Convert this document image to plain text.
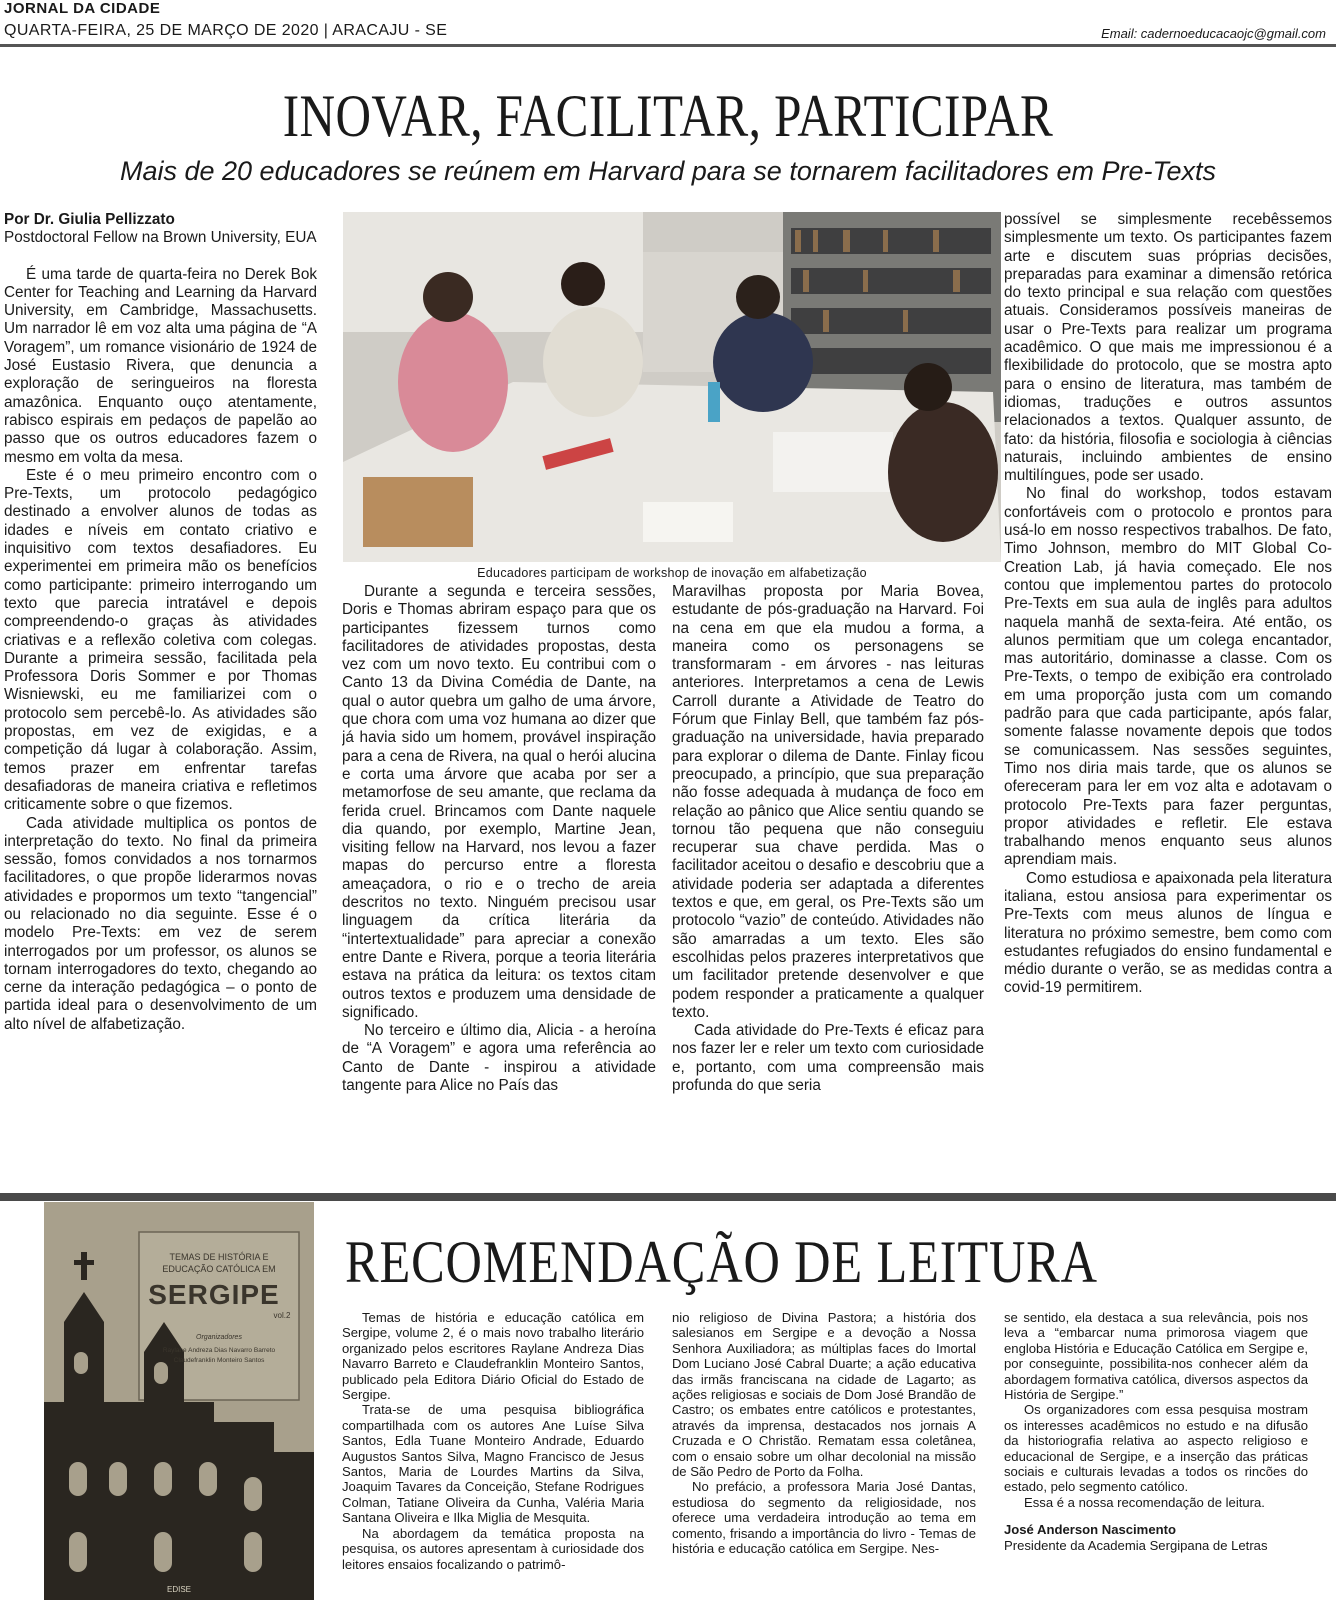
JORNAL DA CIDADE
QUARTA-FEIRA, 25 DE MARÇO DE 2020 | ARACAJU - SE	Email: cadernoeducacaojc@gmail.com
INOVAR, FACILITAR, PARTICIPAR
Mais de 20 educadores se reúnem em Harvard para se tornarem facilitadores em Pre-Texts

Por Dr. Giulia Pellizzato

Postdoctoral Fellow na Brown University, EUA

É uma tarde de quarta-feira no Derek Bok Center for Teaching and Learning da Harvard University, em Cambridge, Massachusetts. Um narrador lê em voz alta uma página de “A Voragem”, um romance visionário de 1924 de José Eustasio Rivera, que denuncia a exploração de seringueiros na floresta amazônica. Enquanto ouço atentamente, rabisco espirais em pedaços de papelão ao passo que os outros educadores fazem o mesmo em volta da mesa.

Este é o meu primeiro encontro com o Pre-Texts, um protocolo pedagógico destinado a envolver alunos de todas as idades e níveis em contato criativo e inquisitivo com textos desafiadores. Eu experimentei em primeira mão os benefícios como participante: primeiro interrogando um texto que parecia intratável e depois compreendendo-o graças às atividades criativas e a reflexão coletiva com colegas. Durante a primeira sessão, facilitada pela Professora Doris Sommer e por Thomas Wisniewski, eu me familiarizei com o protocolo sem percebê-lo. As atividades são propostas, em vez de exigidas, e a competição dá lugar à colaboração. Assim, temos prazer em enfrentar tarefas desafiadoras de maneira criativa e refletimos criticamente sobre o que fizemos.

Cada atividade multiplica os pontos de interpretação do texto. No final da primeira sessão, fomos convidados a nos tornarmos facilitadores, o que propõe liderarmos novas atividades e propormos um texto “tangencial” ou relacionado no dia seguinte. Esse é o modelo Pre-Texts: em vez de serem interrogados por um professor, os alunos se tornam interrogadores do texto, chegando ao cerne da interação pedagógica – o ponto de partida ideal para o desenvolvimento de um alto nível de alfabetização.

Educadores participam de workshop de inovação em alfabetização

Durante a segunda e terceira sessões, Doris e Thomas abriram espaço para que os participantes fizessem turnos como facilitadores de atividades propostas, desta vez com um novo texto. Eu contribui com o Canto 13 da Divina Comédia de Dante, na qual o autor quebra um galho de uma árvore, que chora com uma voz humana ao dizer que já havia sido um homem, provável inspiração para a cena de Rivera, na qual o herói alucina e corta uma árvore que acaba por ser a metamorfose de seu amante, que reclama da ferida cruel. Brincamos com Dante naquele dia quando, por exemplo, Martine Jean, visiting fellow na Harvard, nos levou a fazer mapas do percurso entre a floresta ameaçadora, o rio e o trecho de areia descritos no texto. Ninguém precisou usar linguagem da crítica literária da “intertextualidade” para apreciar a conexão entre Dante e Rivera, porque a teoria literária estava na prática da leitura: os textos citam outros textos e produzem uma densidade de significado.

No terceiro e último dia, Alicia - a heroína de “A Voragem” e agora uma referência ao Canto de Dante - inspirou a atividade tangente para Alice no País das

Maravilhas proposta por Maria Bovea, estudante de pós-graduação na Harvard. Foi na cena em que ela mudou a forma, a maneira como os personagens se transformaram - em árvores - nas leituras anteriores. Interpretamos a cena de Lewis Carroll durante a Atividade de Teatro do Fórum que Finlay Bell, que também faz pós-graduação na universidade, havia preparado para explorar o dilema de Dante. Finlay ficou preocupado, a princípio, que sua preparação não fosse adequada à mudança de foco em relação ao pânico que Alice sentiu quando se tornou tão pequena que não conseguiu recuperar sua chave perdida. Mas o facilitador aceitou o desafio e descobriu que a atividade poderia ser adaptada a diferentes textos e que, em geral, os Pre-Texts são um protocolo “vazio” de conteúdo. Atividades não são amarradas a um texto. Eles são escolhidas pelos prazeres interpretativos que um facilitador pretende desenvolver e que podem responder a praticamente a qualquer texto.

Cada atividade do Pre-Texts é eficaz para nos fazer ler e reler um texto com curiosidade e, portanto, com uma compreensão mais profunda do que seria

possível se simplesmente recebêssemos simplesmente um texto. Os participantes fazem arte e discutem suas próprias decisões, preparadas para examinar a dimensão retórica do texto principal e sua relação com questões atuais. Consideramos possíveis maneiras de usar o Pre-Texts para realizar um programa acadêmico. O que mais me impressionou é a flexibilidade do protocolo, que se mostra apto para o ensino de literatura, mas também de idiomas, traduções e outros assuntos relacionados a textos. Qualquer assunto, de fato: da história, filosofia e sociologia à ciências naturais, incluindo ambientes de ensino multilíngues, pode ser usado.

No final do workshop, todos estavam confortáveis com o protocolo e prontos para usá-lo em nosso respectivos trabalhos. De fato, Timo Johnson, membro do MIT Global Co-Creation Lab, já havia começado. Ele nos contou que implementou partes do protocolo Pre-Texts em sua aula de inglês para adultos naquela manhã de sexta-feira. Até então, os alunos permitiam que um colega encantador, mas autoritário, dominasse a classe. Com os Pre-Texts, o tempo de exibição era controlado em uma proporção justa com um comando padrão para que cada participante, após falar, somente falasse novamente depois que todos se comunicassem. Nas sessões seguintes, Timo nos diria mais tarde, que os alunos se ofereceram para ler em voz alta e adotavam o protocolo Pre-Texts para fazer perguntas, propor atividades e refletir. Ele estava trabalhando menos enquanto seus alunos aprendiam mais.

Como estudiosa e apaixonada pela literatura italiana, estou ansiosa para experimentar os Pre-Texts com meus alunos de língua e literatura no próximo semestre, bem como com estudantes refugiados do ensino fundamental e médio durante o verão, se as medidas contra a covid-19 permitirem.

TEMAS DE HISTÓRIA E
EDUCAÇÃO CATÓLICA EM
SERGIPE
vol.2
Organizadores
Raylane Andreza Dias Navarro Barreto
Claudefranklin Monteiro Santos
EDISE
RECOMENDAÇÃO DE LEITURA

Temas de história e educação católica em Sergipe, volume 2, é o mais novo trabalho literário organizado pelos escritores Raylane Andreza Dias Navarro Barreto e Claudefranklin Monteiro Santos, publicado pela Editora Diário Oficial do Estado de Sergipe.

Trata-se de uma pesquisa bibliográfica compartilhada com os autores Ane Luíse Silva Santos, Edla Tuane Monteiro Andrade, Eduardo Augustos Santos Silva, Magno Francisco de Jesus Santos, Maria de Lourdes Martins da Silva, Joaquim Tavares da Conceição, Stefane Rodrigues Colman, Tatiane Oliveira da Cunha, Valéria Maria Santana Oliveira e Ilka Miglia de Mesquita.

Na abordagem da temática proposta na pesquisa, os autores apresentam à curiosidade dos leitores ensaios focalizando o patrimô-

nio religioso de Divina Pastora; a história dos salesianos em Sergipe e a devoção a Nossa Senhora Auxiliadora; as múltiplas faces do Imortal Dom Luciano José Cabral Duarte; a ação educativa das irmãs franciscana na cidade de Lagarto; as ações religiosas e sociais de Dom José Brandão de Castro; os embates entre católicos e protestantes, através da imprensa, destacados nos jornais A Cruzada e O Christão. Rematam essa coletânea, com o ensaio sobre um olhar decolonial na missão de São Pedro de Porto da Folha.

No prefácio, a professora Maria José Dantas, estudiosa do segmento da religiosidade, nos oferece uma verdadeira introdução ao tema em comento, frisando a importância do livro - Temas de história e educação católica em Sergipe. Nes-

se sentido, ela destaca a sua relevância, pois nos leva a “embarcar numa primorosa viagem que engloba História e Educação Católica em Sergipe e, por conseguinte, possibilita-nos conhecer além da abordagem formativa católica, diversos aspectos da História de Sergipe.”

Os organizadores com essa pesquisa mostram os interesses acadêmicos no estudo e na difusão da historiografia relativa ao aspecto religioso e educacional de Sergipe, e a inserção das práticas sociais e culturais levadas a todos os rincões do estado, pelo segmento católico.

Essa é a nossa recomendação de leitura.

José Anderson Nascimento

Presidente da Academia Sergipana de Letras
